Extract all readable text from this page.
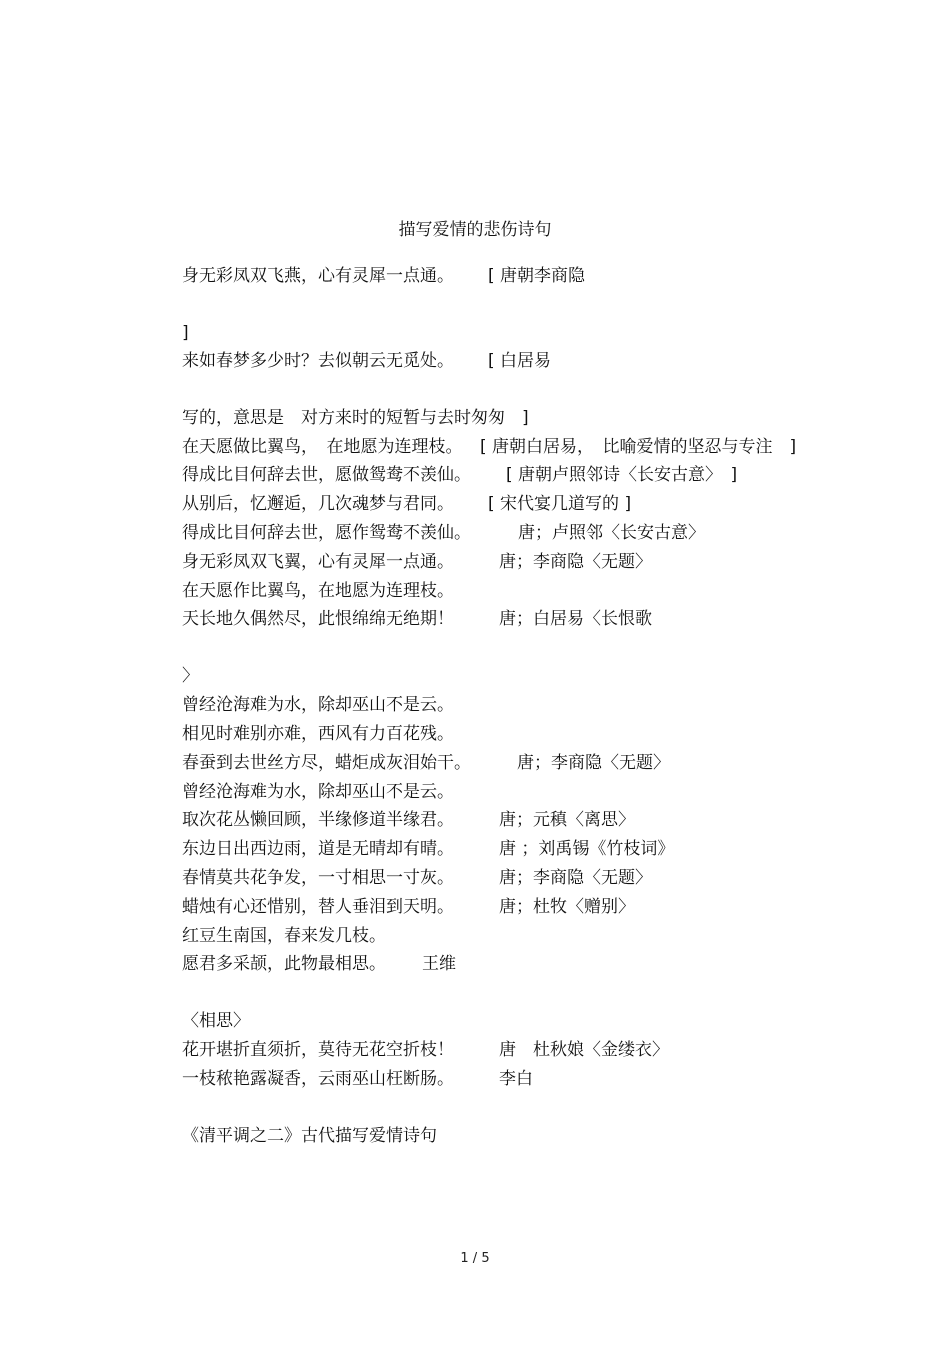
描写爱情的悲伤诗句
身无彩凤双飞燕，心有灵犀一点通。 [ 唐朝李商隐
]
来如春梦多少时？去似朝云无觅处。 [ 白居易
写的，意思是　对方来时的短暂与去时匆匆　]
在天愿做比翼鸟，　在地愿为连理枝。 [ 唐朝白居易，　比喻爱情的坚忍与专注　]
得成比目何辞去世，愿做鸳鸯不羡仙。 [ 唐朝卢照邻诗〈长安古意〉　]
从别后，忆邂逅，几次魂梦与君同。 [ 宋代宴几道写的 ]
得成比目何辞去世，愿作鸳鸯不羡仙。	唐；卢照邻〈长安古意〉
身无彩凤双飞翼，心有灵犀一点通。	唐；李商隐〈无题〉
在天愿作比翼鸟，在地愿为连理枝。
天长地久偶然尽，此恨绵绵无绝期！	唐；白居易〈长恨歌
〉
曾经沧海难为水，除却巫山不是云。
相见时难别亦难，西风有力百花残。
春蚕到去世丝方尽，蜡炬成灰泪始干。	唐；李商隐〈无题〉
曾经沧海难为水，除却巫山不是云。
取次花丛懒回顾，半缘修道半缘君。	唐；元稹〈离思〉
东边日出西边雨，道是无晴却有晴。	唐 ；刘禹锡《竹枝词》
春情莫共花争发，一寸相思一寸灰。	唐；李商隐〈无题〉
蜡烛有心还惜别，替人垂泪到天明。	唐；杜牧〈赠别〉
红豆生南国，春来发几枝。
愿君多采颉，此物最相思。 王维
〈相思〉
花开堪折直须折，莫待无花空折枝！	唐　杜秋娘〈金缕衣〉
一枝秾艳露凝香，云雨巫山枉断肠。	李白
《清平调之二》古代描写爱情诗句
1 / 5
